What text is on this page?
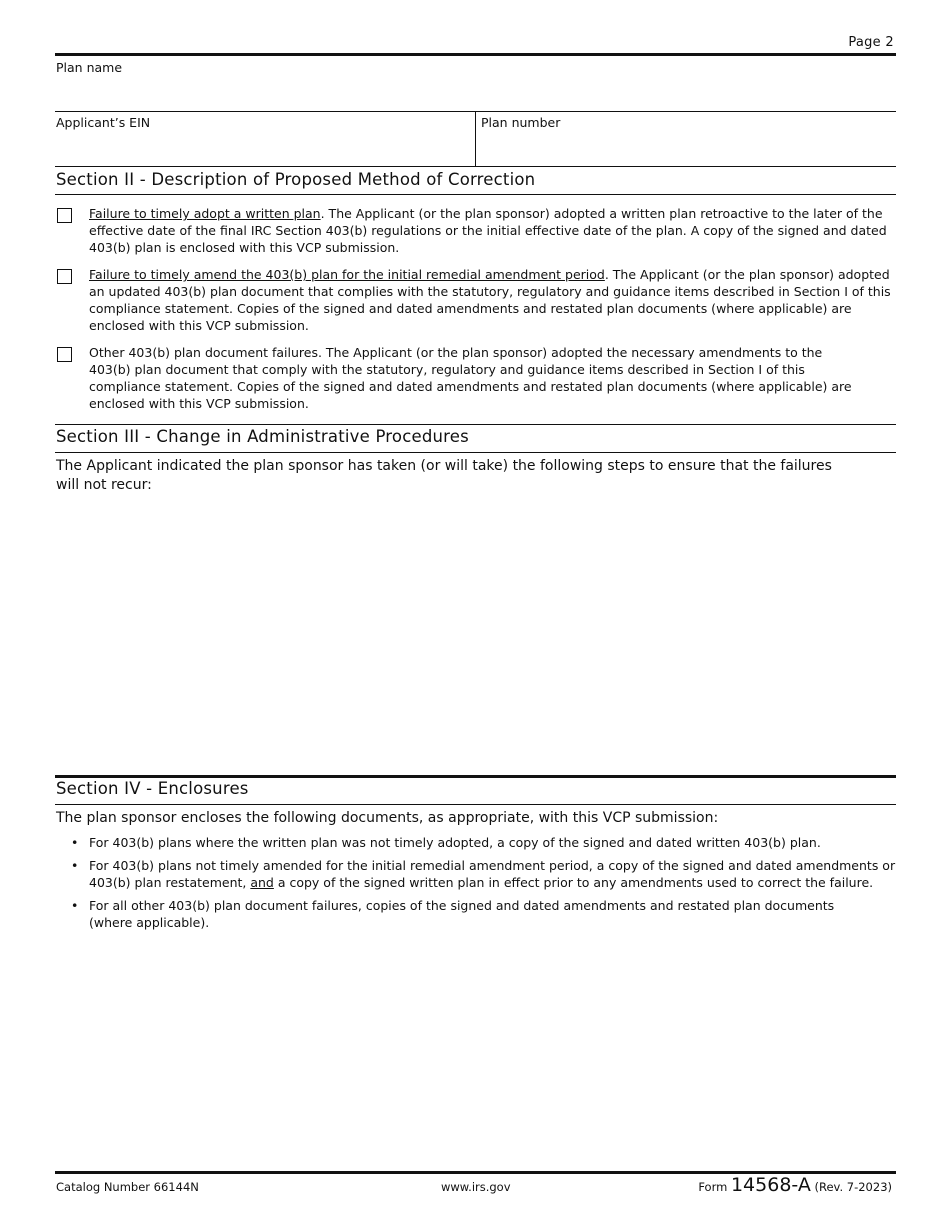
Page 2
Plan name
Applicant’s EIN	Plan number
Section II - Description of Proposed Method of Correction
Failure to timely adopt a written plan. The Applicant (or the plan sponsor) adopted a written plan retroactive to the later of the effective date of the final IRC Section 403(b) regulations or the initial effective date of the plan. A copy of the signed and dated 403(b) plan is enclosed with this VCP submission.
Failure to timely amend the 403(b) plan for the initial remedial amendment period. The Applicant (or the plan sponsor) adopted an updated 403(b) plan document that complies with the statutory, regulatory and guidance items described in Section I of this compliance statement. Copies of the signed and dated amendments and restated plan documents (where applicable) are enclosed with this VCP submission.
Other 403(b) plan document failures. The Applicant (or the plan sponsor) adopted the necessary amendments to the 403(b) plan document that comply with the statutory, regulatory and guidance items described in Section I of this compliance statement. Copies of the signed and dated amendments and restated plan documents (where applicable) are enclosed with this VCP submission.
Section III - Change in Administrative Procedures
The Applicant indicated the plan sponsor has taken (or will take) the following steps to ensure that the failures will not recur:
Section IV - Enclosures
The plan sponsor encloses the following documents, as appropriate, with this VCP submission:
• For 403(b) plans where the written plan was not timely adopted, a copy of the signed and dated written 403(b) plan.
• For 403(b) plans not timely amended for the initial remedial amendment period, a copy of the signed and dated amendments or 403(b) plan restatement, and a copy of the signed written plan in effect prior to any amendments used to correct the failure.
• For all other 403(b) plan document failures, copies of the signed and dated amendments and restated plan documents (where applicable).
Catalog Number 66144N	www.irs.gov	Form 14568-A (Rev. 7-2023)
